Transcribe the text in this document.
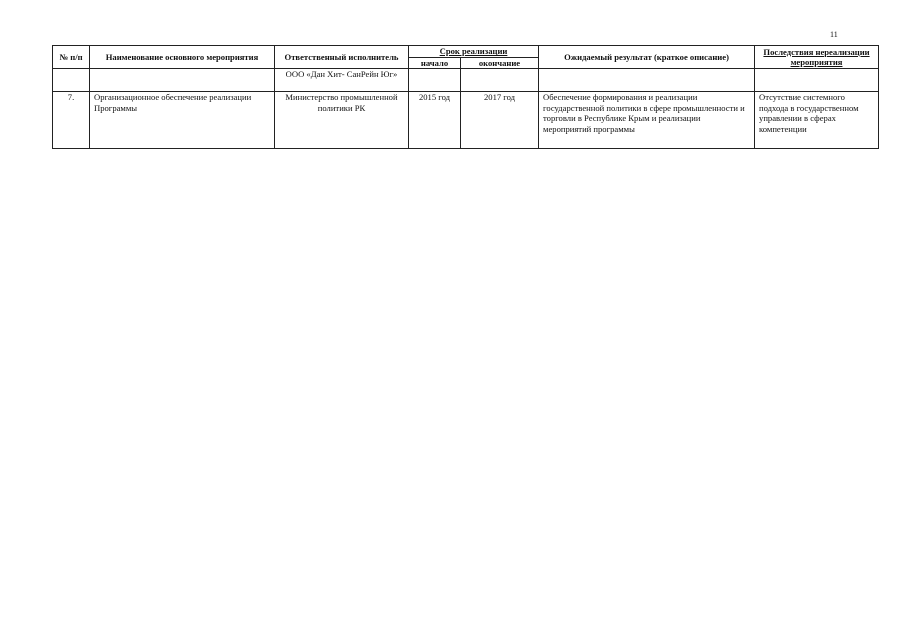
11
№ п/п	Наименование основного мероприятия	Ответственный исполнитель	Срок реализации		Ожидаемый результат (краткое описание)	Последствия нереализации мероприятия
			начало	окончание		
		ООО «Дан Хит- СанРейн Юг»				
7.	Организационное обеспечение реализации Программы	Министерство промышленной политики РК	2015 год	2017 год	Обеспечение формирования и реализации государственной политики в сфере промышленности и торговли в Республике Крым и реализации мероприятий программы	Отсутствие системного подхода в государственном управлении в сферах компетенции
